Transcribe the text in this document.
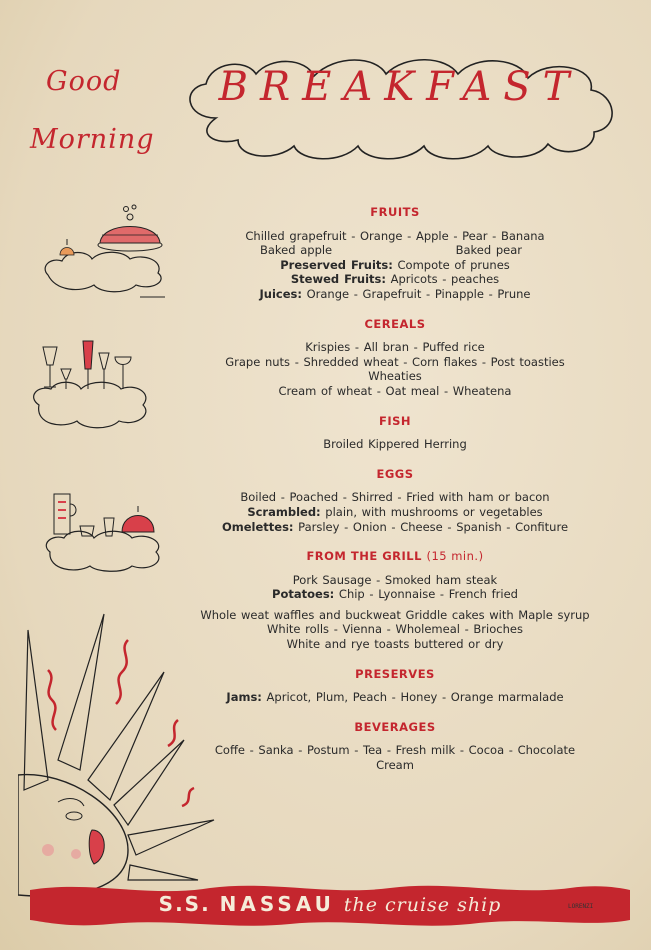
Good
Morning
BREAKFAST
FRUITS
Chilled grapefruit - Orange - Apple - Pear - Banana
Baked apple	Baked pear
Preserved Fruits: Compote of prunes
Stewed Fruits: Apricots - peaches
Juices: Orange - Grapefruit - Pinapple - Prune
CEREALS
Krispies - All bran - Puffed rice
Grape nuts - Shredded wheat - Corn flakes - Post toasties
Wheaties
Cream of wheat - Oat meal - Wheatena
FISH
Broiled Kippered Herring
EGGS
Boiled - Poached - Shirred - Fried with ham or bacon
Scrambled: plain, with mushrooms or vegetables
Omelettes: Parsley - Onion - Cheese - Spanish - Confiture
FROM THE GRILL (15 min.)
Pork Sausage - Smoked ham steak
Potatoes: Chip - Lyonnaise - French fried
Whole weat waffles and buckweat Griddle cakes with Maple syrup
White rolls - Vienna - Wholemeal - Brioches
White and rye toasts buttered or dry
PRESERVES
Jams: Apricot, Plum, Peach - Honey - Orange marmalade
BEVERAGES
Coffe - Sanka - Postum - Tea - Fresh milk - Cocoa - Chocolate
Cream
S.S. NASSAU the cruise ship	LORENZI
